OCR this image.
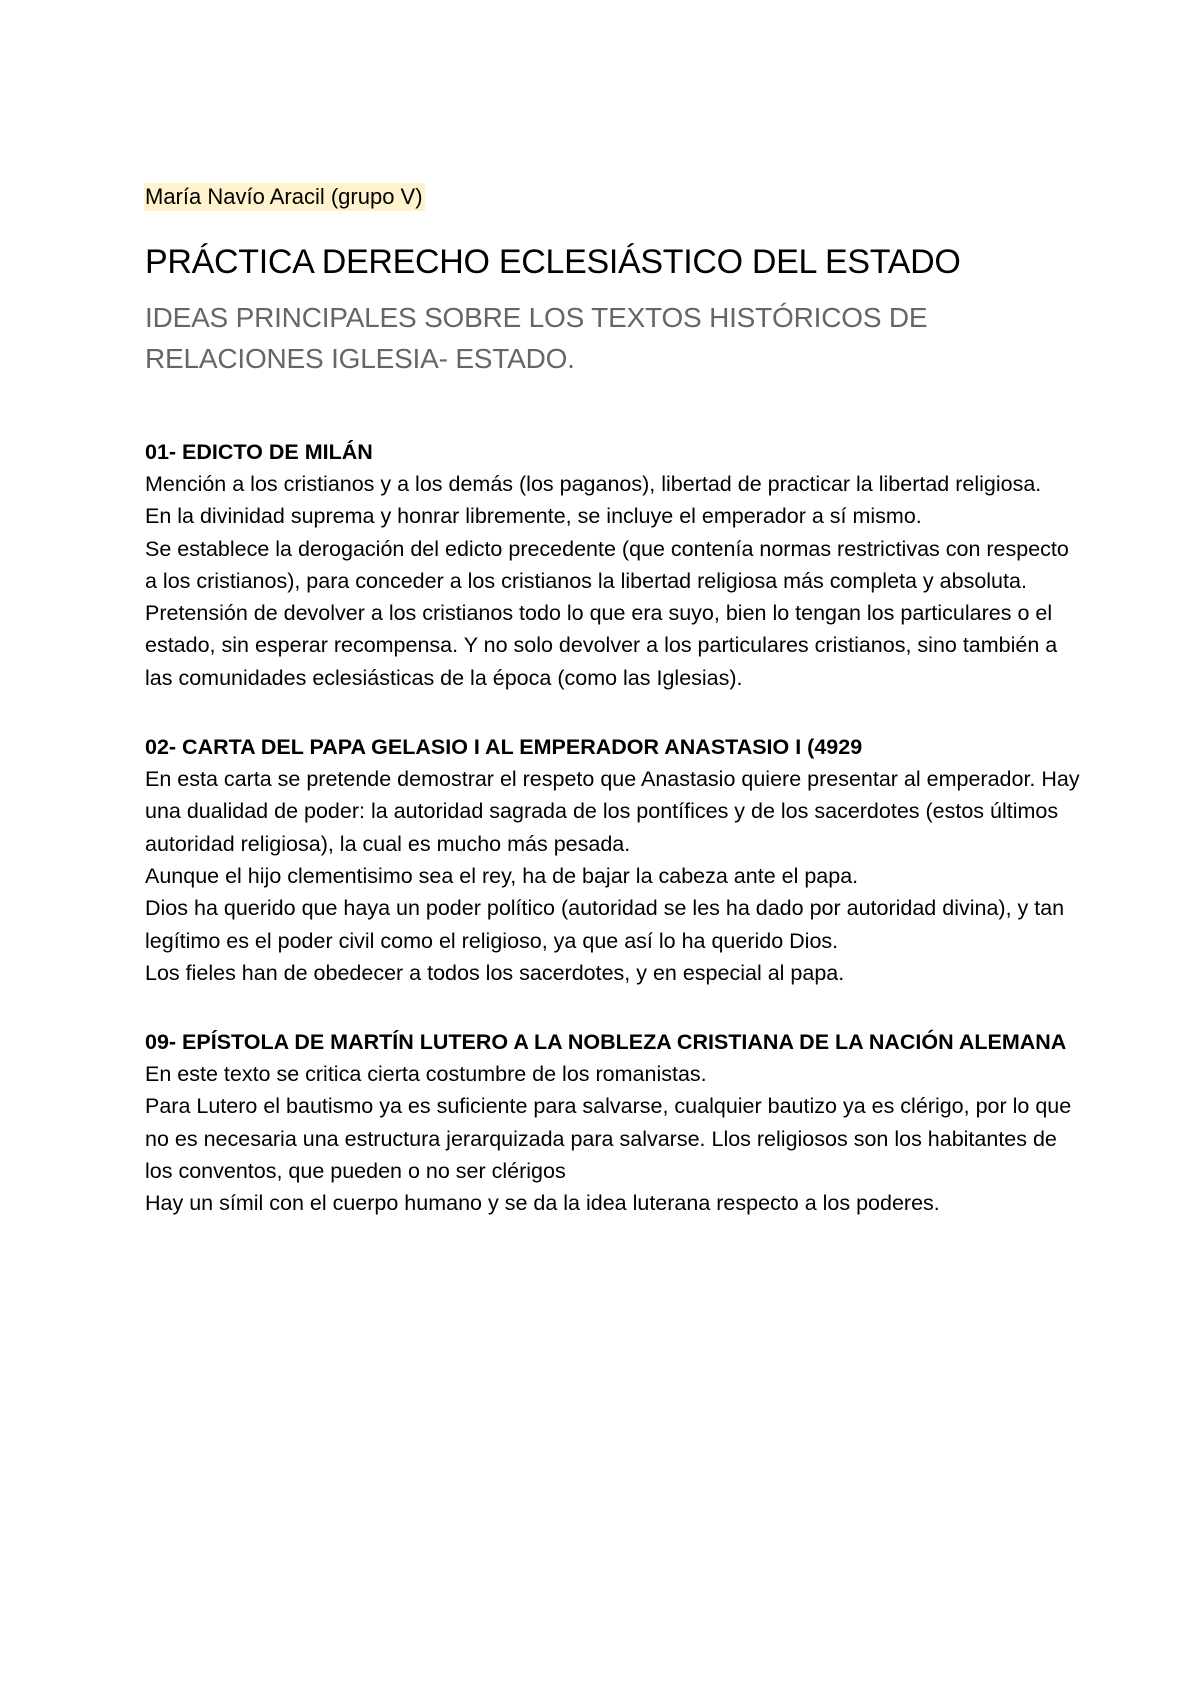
María Navío Aracil (grupo V)
PRÁCTICA DERECHO ECLESIÁSTICO DEL ESTADO
IDEAS PRINCIPALES SOBRE LOS TEXTOS HISTÓRICOS DE RELACIONES IGLESIA- ESTADO.
01- EDICTO DE MILÁN

Mención a los cristianos y a los demás (los paganos), libertad de practicar la libertad religiosa.

En la divinidad suprema y honrar libremente, se incluye el emperador a sí mismo.

Se establece la derogación del edicto precedente (que contenía normas restrictivas con respecto a los cristianos), para conceder a los cristianos la libertad religiosa más completa y absoluta.

Pretensión de devolver a los cristianos todo lo que era suyo, bien lo tengan los particulares o el estado, sin esperar recompensa. Y no solo devolver a los particulares cristianos, sino también a las comunidades eclesiásticas de la época (como las Iglesias).

02- CARTA DEL PAPA GELASIO I AL EMPERADOR ANASTASIO I (4929

En esta carta se pretende demostrar el respeto que Anastasio quiere presentar al emperador. Hay una dualidad de poder: la autoridad sagrada de los pontífices y de los sacerdotes (estos últimos autoridad religiosa), la cual es mucho más pesada.

Aunque el hijo clementisimo sea el rey, ha de bajar la cabeza ante el papa.

Dios ha querido que haya un poder político (autoridad se les ha dado por autoridad divina), y tan legítimo es el poder civil como el religioso, ya que así lo ha querido Dios.

Los fieles han de obedecer a todos los sacerdotes, y en especial al papa.

09- EPÍSTOLA DE MARTÍN LUTERO A LA NOBLEZA CRISTIANA DE LA NACIÓN ALEMANA

En este texto se critica cierta costumbre de los romanistas.

Para Lutero el bautismo ya es suficiente para salvarse, cualquier bautizo ya es clérigo, por lo que no es necesaria una estructura jerarquizada para salvarse. Llos religiosos son los habitantes de los conventos, que pueden o no ser clérigos

Hay un símil con el cuerpo humano y se da la idea luterana respecto a los poderes.
